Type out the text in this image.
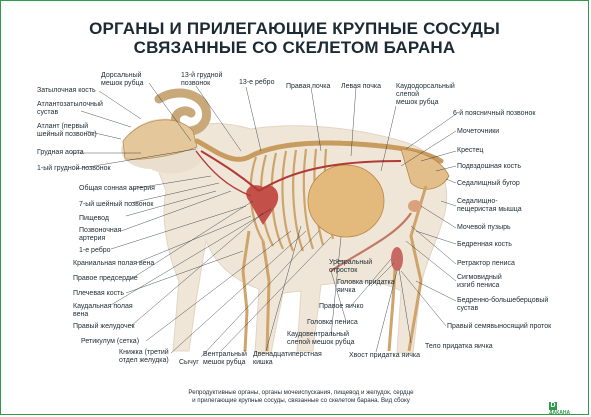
ОРГАНЫ И ПРИЛЕГАЮЩИЕ КРУПНЫЕ СОСУДЫ
СВЯЗАННЫЕ СО СКЕЛЕТОМ БАРАНА
Дорсальный
мешок рубца
13-й грудной
позвонок	13-е ребро
Правая почка Левая почка Каудодорсальный
слепой
мешок рубца
Затылочная кость
Атлантозатылочный
сустав
Атлант (первый
шейный позвонок)
Грудная аорта
1-ый грудной позвонок
Общая сонная артерия
7-ый шейный позвонок
Пищевод
Позвоночная
артерия
1-е ребро
Краниальная полая вена
Правое предсердие
Плечевая кость
Каудальная полая
вена
Правый желудочек
Ретикулум (сетка)
Книжка (третий
отдел желудка) Сычуг
Вентральный
мешок рубца
Двенадцатиперстная
кишка
Уретральный
отросток
Головка придатка
яичка
Правое яичко
Головка пениса
Каудовентральный
слепой мешок рубца
Хвост придатка яичка
Тело придатка яичка
6-й поясничный позвонок
Мочеточники
Крестец
Подвздошная кость
Седалищный бугор
Седалищно-
пещеристая мышца
Мочевой пузырь
Бедренная кость
Ретрактор пениса
Сигмовидный
изгиб пениса
Бедренно-большеберцовый
сустав
Правый семявыносящий проток
Репродуктивные органы, органы мочеиспускания, пищевод и желудок, сердце
и прилегающие крупные сосуды, связанные со скелетом барана. Вид сбоку
DДАКАНА
